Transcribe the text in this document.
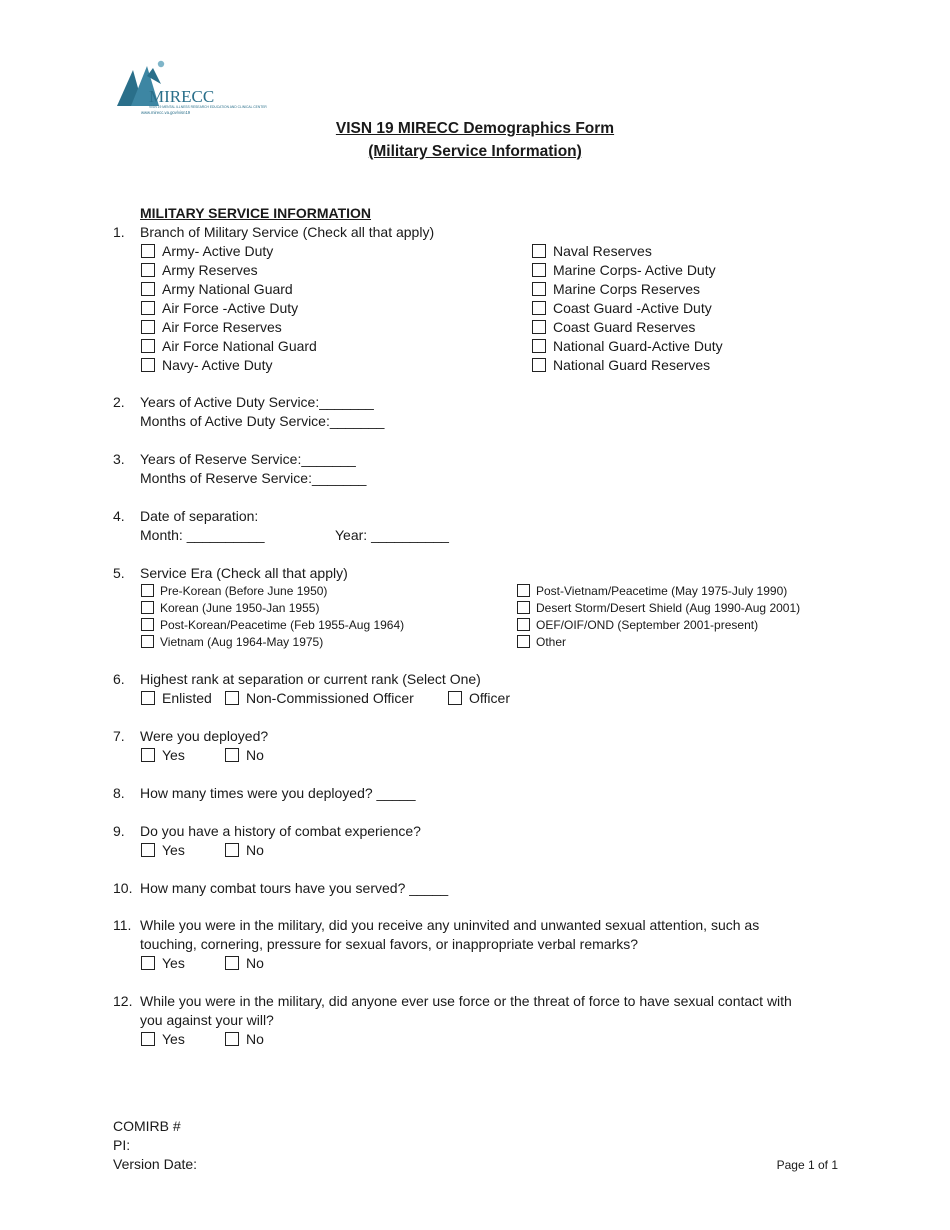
MIRECC
VISN 19 MENTAL ILLNESS RESEARCH EDUCATION AND CLINICAL CENTER
www.mirecc.va.gov/visn19
VISN 19 MIRECC Demographics Form
(Military Service Information)
MILITARY SERVICE INFORMATION
1. Branch of Military Service (Check all that apply)
Army- Active Duty
Army Reserves
Army National Guard
Air Force -Active Duty
Air Force Reserves
Air Force National Guard
Navy- Active Duty
Naval Reserves
Marine Corps- Active Duty
Marine Corps Reserves
Coast Guard -Active Duty
Coast Guard Reserves
National Guard-Active Duty
National Guard Reserves
2. Years of Active Duty Service:_______
Months of Active Duty Service:_______
3. Years of Reserve Service:_______
Months of Reserve Service:_______
4. Date of separation:
Month: __________	Year: __________
5. Service Era (Check all that apply)
Pre-Korean (Before June 1950)
Korean (June 1950-Jan 1955)
Post-Korean/Peacetime (Feb 1955-Aug 1964)
Vietnam (Aug 1964-May 1975)
Post-Vietnam/Peacetime (May 1975-July 1990)
Desert Storm/Desert Shield (Aug 1990-Aug 2001)
OEF/OIF/OND (September 2001-present)
Other
6. Highest rank at separation or current rank (Select One)
Enlisted	Non-Commissioned Officer	Officer
7. Were you deployed?
Yes	No
8. How many times were you deployed? _____
9. Do you have a history of combat experience?
Yes	No
10. How many combat tours have you served? _____
11. While you were in the military, did you receive any uninvited and unwanted sexual attention, such as
touching, cornering, pressure for sexual favors, or inappropriate verbal remarks?
Yes	No
12. While you were in the military, did anyone ever use force or the threat of force to have sexual contact with
you against your will?
Yes	No
COMIRB #
PI:
Version Date:	Page 1 of 1
